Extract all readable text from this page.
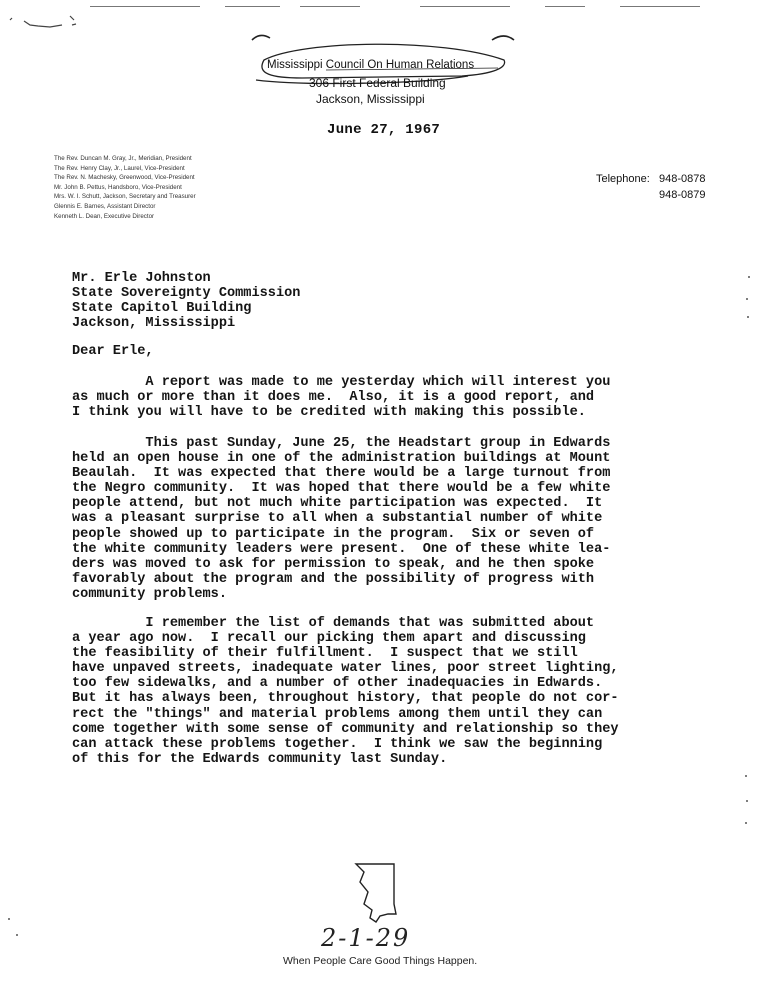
Mississippi Council On Human Relations
306 First Federal Building
Jackson, Mississippi
June 27, 1967
The Rev. Duncan M. Gray, Jr., Meridian, President
The Rev. Henry Clay, Jr., Laurel, Vice-President
The Rev. N. Machesky, Greenwood, Vice-President
Mr. John B. Pettus, Handsboro, Vice-President
Mrs. W. I. Schutt, Jackson, Secretary and Treasurer
Glennis E. Barnes, Assistant Director
Kenneth L. Dean, Executive Director
Telephone: 948-0878
948-0879
Mr. Erle Johnston
State Sovereignty Commission
State Capitol Building
Jackson, Mississippi
Dear Erle,
A report was made to me yesterday which will interest you
as much or more than it does me.  Also, it is a good report, and
I think you will have to be credited with making this possible.
This past Sunday, June 25, the Headstart group in Edwards
held an open house in one of the administration buildings at Mount
Beaulah.  It was expected that there would be a large turnout from
the Negro community.  It was hoped that there would be a few white
people attend, but not much white participation was expected.  It
was a pleasant surprise to all when a substantial number of white
people showed up to participate in the program.  Six or seven of
the white community leaders were present.  One of these white lea-
ders was moved to ask for permission to speak, and he then spoke
favorably about the program and the possibility of progress with
community problems.
I remember the list of demands that was submitted about
a year ago now.  I recall our picking them apart and discussing
the feasibility of their fulfillment.  I suspect that we still
have unpaved streets, inadequate water lines, poor street lighting,
too few sidewalks, and a number of other inadequacies in Edwards.
But it has always been, throughout history, that people do not cor-
rect the "things" and material problems among them until they can
come together with some sense of community and relationship so they
can attack these problems together.  I think we saw the beginning
of this for the Edwards community last Sunday.
2-1-29
When People Care Good Things Happen.
